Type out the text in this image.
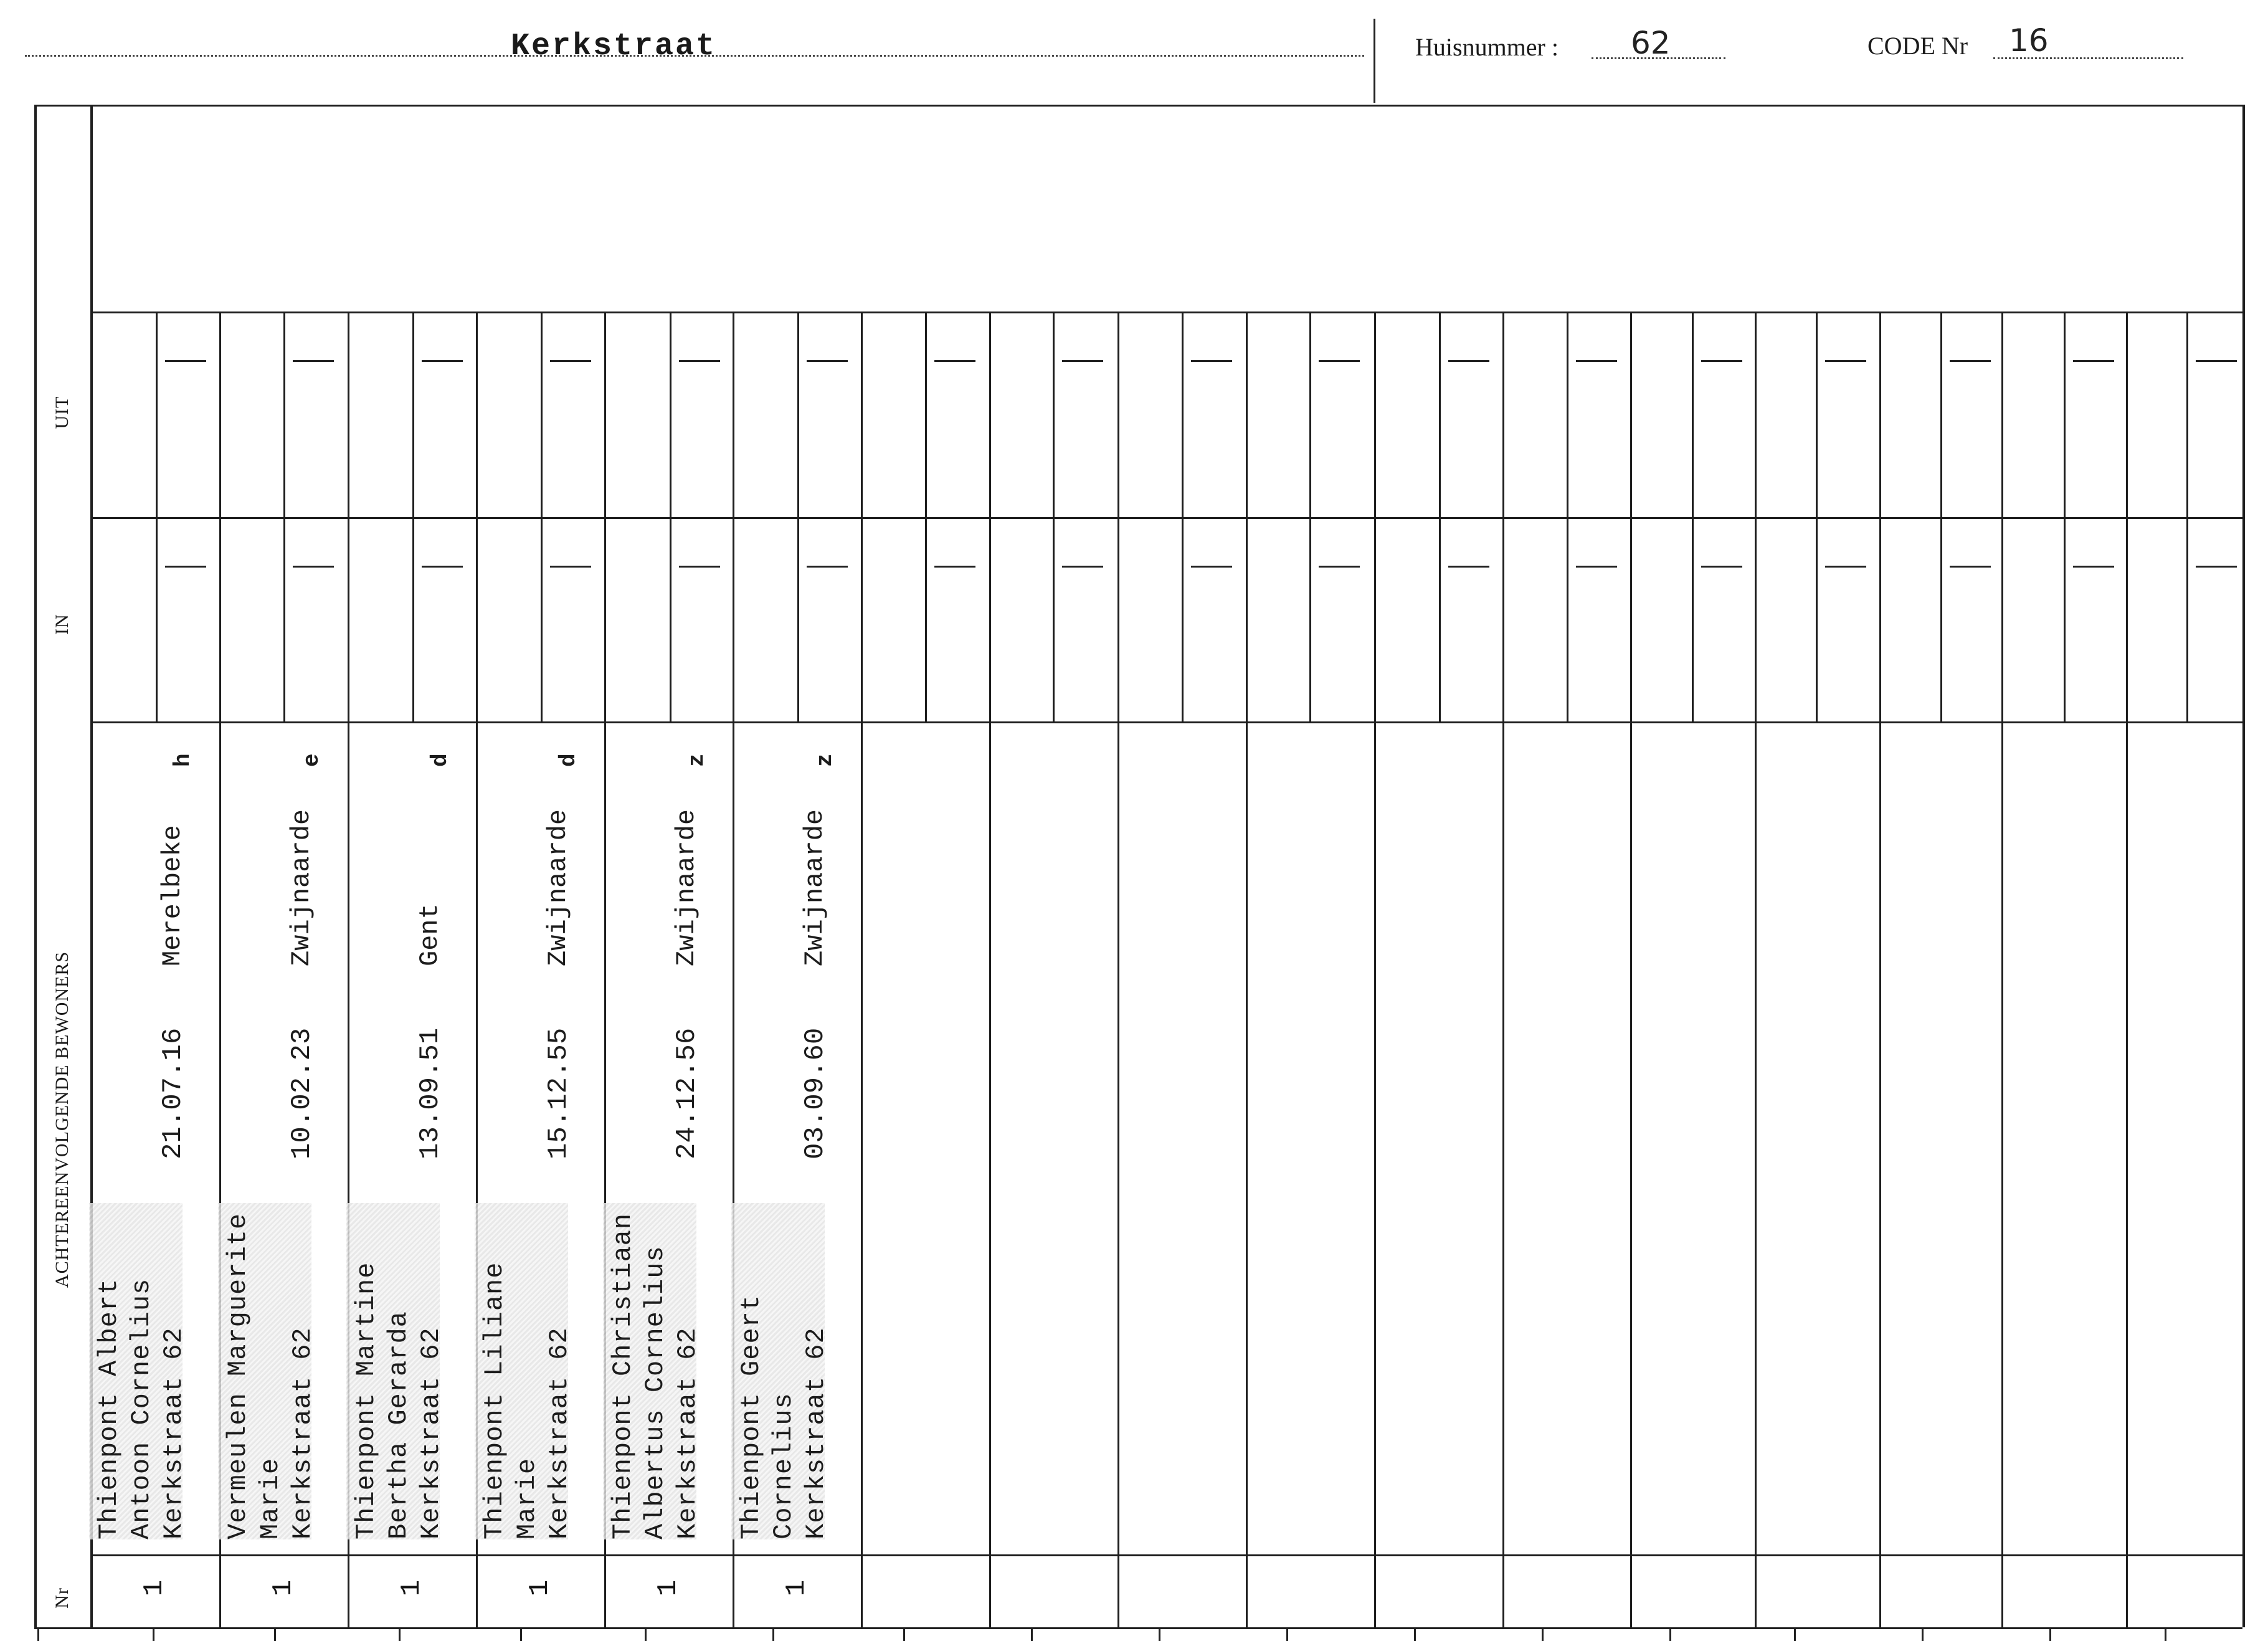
Kerkstraat	Huisnummer : 62	CODE Nr 16
UIT
IN
ACHTEREENVOLGENDE BEWONERS
Nr
Thienpont Albert Antoon Cornelius Kerkstraat 62
21.07.16
Merelbeke
h
1
Vermeulen Marguerite Marie Kerkstraat 62
10.02.23
Zwijnaarde
e
1
Thienpont Martine Bertha Gerarda Kerkstraat 62
13.09.51
Gent
d
1
Thienpont Liliane Marie Kerkstraat 62
15.12.55
Zwijnaarde
d
1
Thienpont Christiaan Albertus Cornelius Kerkstraat 62
24.12.56
Zwijnaarde
z
1
Thienpont Geert Cornelius Kerkstraat 62
03.09.60
Zwijnaarde
z
1
